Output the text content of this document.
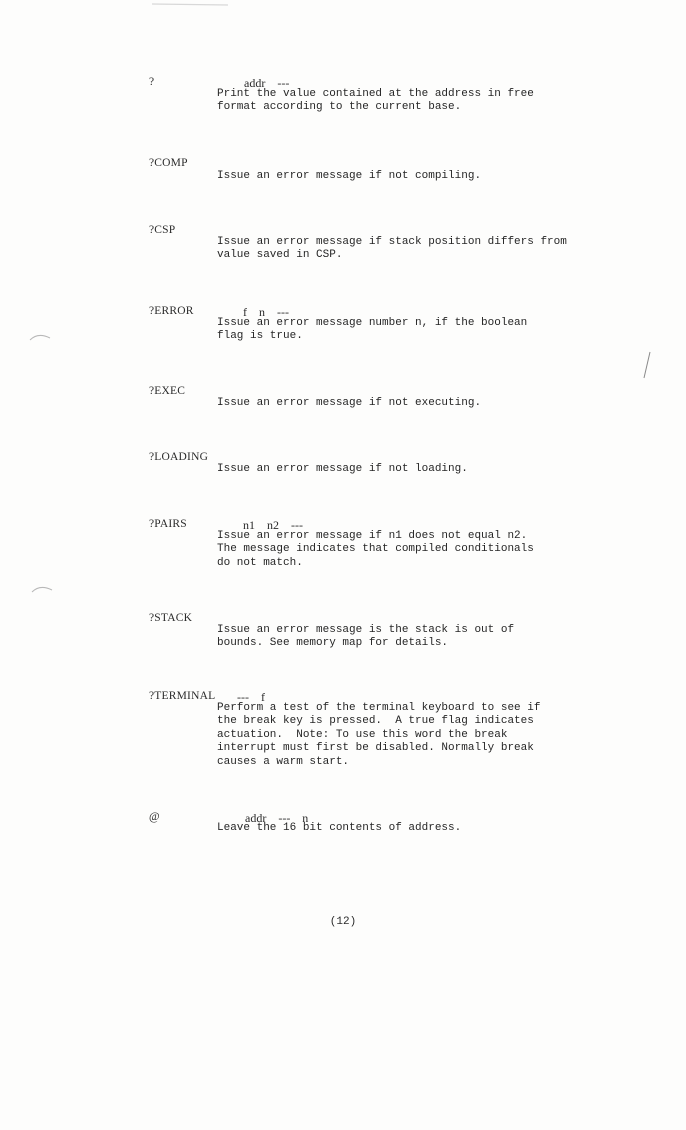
?	addr  ---
Print the value contained at the address in free
format according to the current base.
?COMP
Issue an error message if not compiling.
?CSP
Issue an error message if stack position differs from
value saved in CSP.
?ERROR	f  n  ---
Issue an error message number n, if the boolean
flag is true.
?EXEC
Issue an error message if not executing.
?LOADING
Issue an error message if not loading.
?PAIRS	n1  n2  ---
Issue an error message if n1 does not equal n2.
The message indicates that compiled conditionals
do not match.
?STACK
Issue an error message is the stack is out of
bounds. See memory map for details.
?TERMINAL ---  f
Perform a test of the terminal keyboard to see if
the break key is pressed.  A true flag indicates
actuation.  Note: To use this word the break
interrupt must first be disabled. Normally break
causes a warm start.
@	addr  ---  n
Leave the 16 bit contents of address.
(12)
